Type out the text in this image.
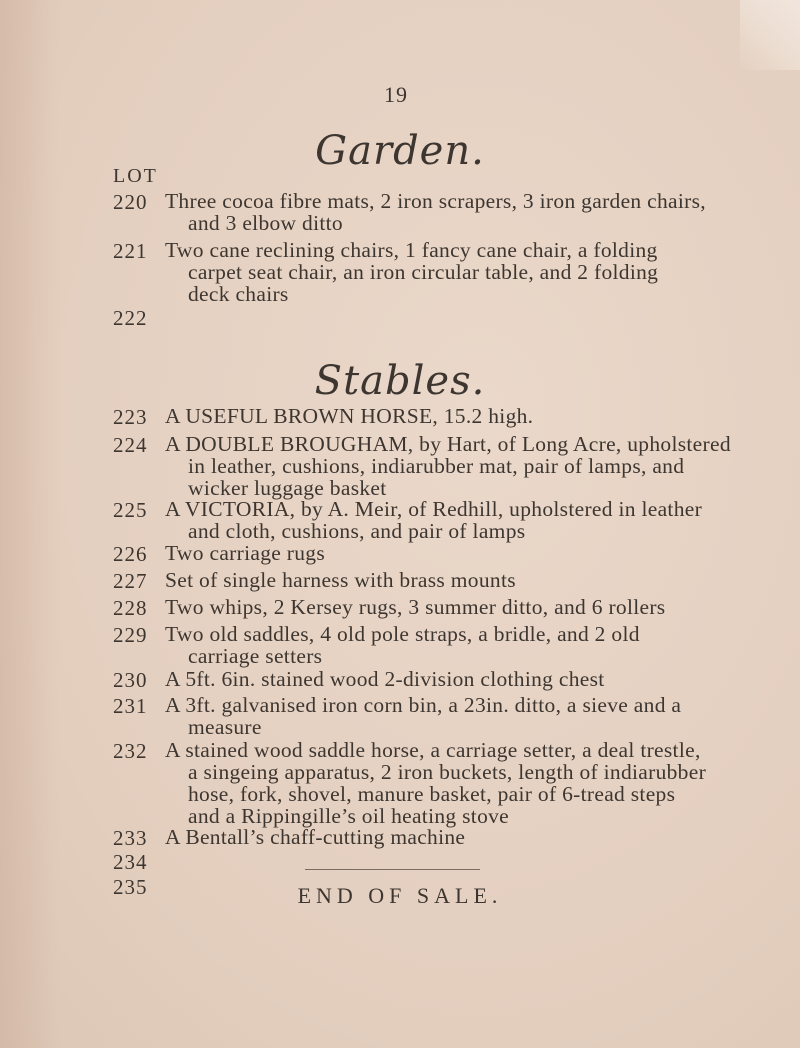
19
Garden.
LOT
220 Three cocoa fibre mats, 2 iron scrapers, 3 iron garden chairs,
and 3 elbow ditto
221 Two cane reclining chairs, 1 fancy cane chair, a folding
carpet seat chair, an iron circular table, and 2 folding
deck chairs
222
Stables.
223 A USEFUL BROWN HORSE, 15.2 high.
224 A DOUBLE BROUGHAM, by Hart, of Long Acre, upholstered
in leather, cushions, indiarubber mat, pair of lamps, and
wicker luggage basket
225 A VICTORIA, by A. Meir, of Redhill, upholstered in leather
and cloth, cushions, and pair of lamps
226 Two carriage rugs
227 Set of single harness with brass mounts
228 Two whips, 2 Kersey rugs, 3 summer ditto, and 6 rollers
229 Two old saddles, 4 old pole straps, a bridle, and 2 old
carriage setters
230 A 5ft. 6in. stained wood 2-division clothing chest
231 A 3ft. galvanised iron corn bin, a 23in. ditto, a sieve and a
measure
232 A stained wood saddle horse, a carriage setter, a deal trestle,
a singeing apparatus, 2 iron buckets, length of indiarubber
hose, fork, shovel, manure basket, pair of 6-tread steps
and a Rippingille’s oil heating stove
233 A Bentall’s chaff-cutting machine
234
235	END OF SALE.
